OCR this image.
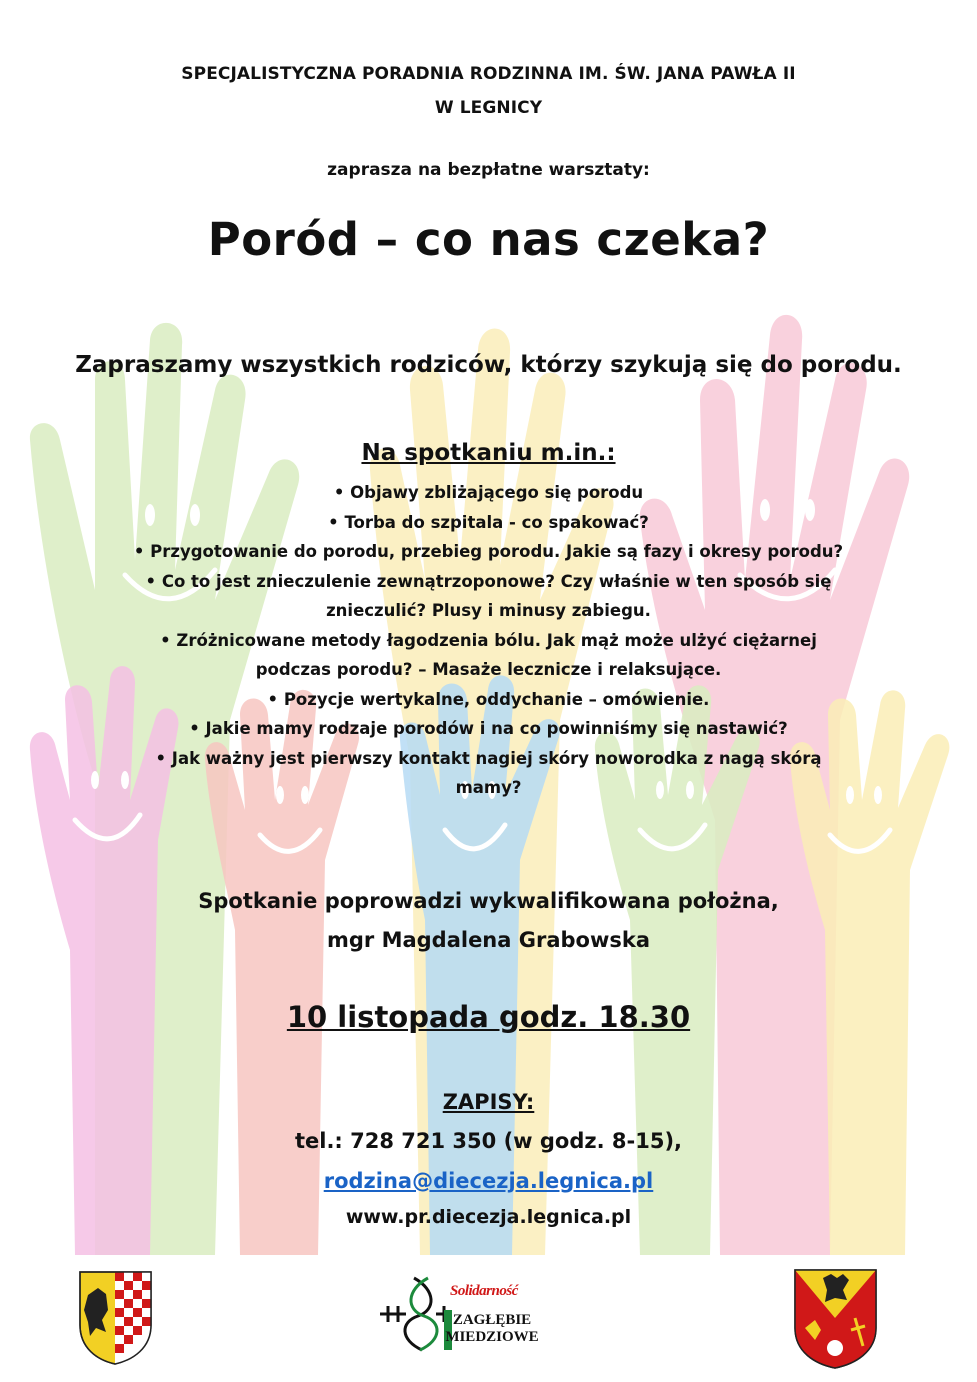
SPECJALISTYCZNA PORADNIA RODZINNA IM. ŚW. JANA PAWŁA II
W LEGNICY
zaprasza na bezpłatne warsztaty:
Poród – co nas czeka?
Zapraszamy wszystkich rodziców, którzy szykują się do porodu.
Na spotkaniu m.in.:
• Objawy zbliżającego się porodu
• Torba do szpitala - co spakować?
• Przygotowanie do porodu, przebieg porodu. Jakie są fazy i okresy porodu?
• Co to jest znieczulenie zewnątrzoponowe? Czy właśnie w ten sposób się znieczulić? Plusy i minusy zabiegu.
• Zróżnicowane metody łagodzenia bólu. Jak mąż może ulżyć ciężarnej podczas porodu? – Masaże lecznicze i relaksujące.
• Pozycje wertykalne, oddychanie – omówienie.
• Jakie mamy rodzaje porodów i na co powinniśmy się nastawić?
• Jak ważny jest pierwszy kontakt nagiej skóry noworodka z nagą skórą mamy?
Spotkanie poprowadzi wykwalifikowana położna,
mgr Magdalena Grabowska
10 listopada godz. 18.30
ZAPISY:
tel.: 728 721 350 (w godz. 8-15),
rodzina@diecezja.legnica.pl
www.pr.diecezja.legnica.pl
Solidarność
ZAGŁĘBIE
MIEDZIOWE
